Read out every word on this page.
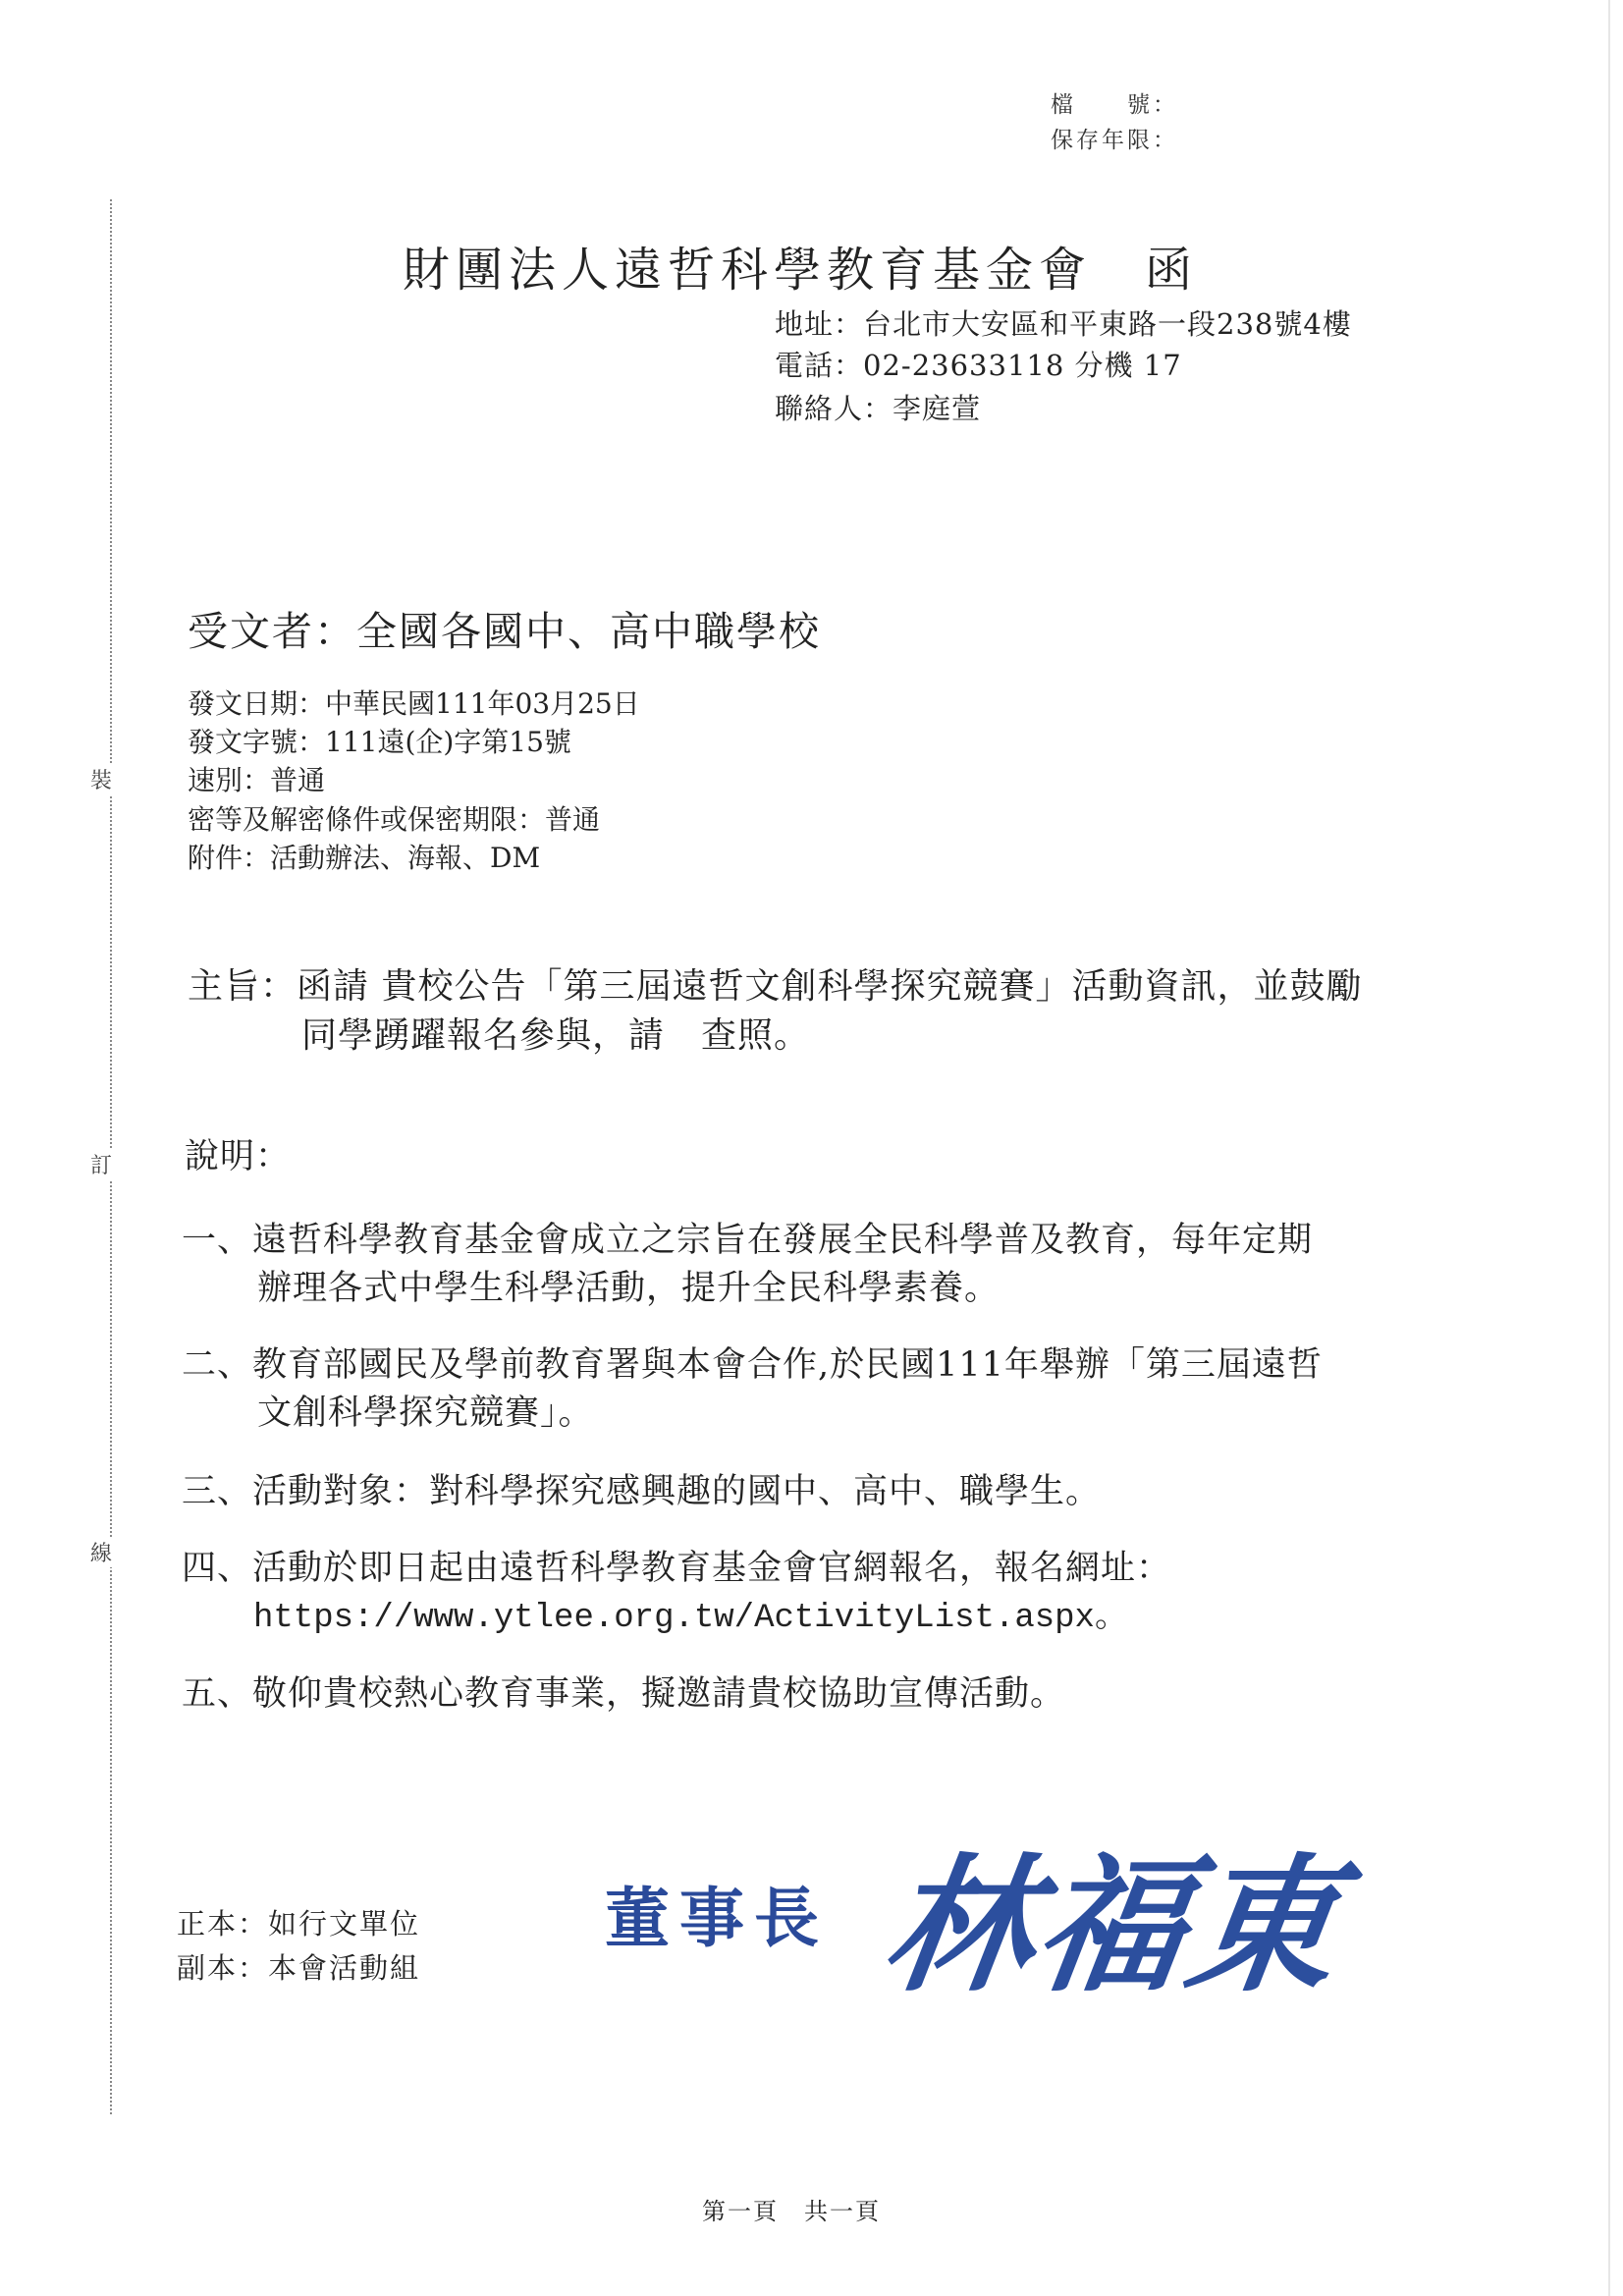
裝
訂
線
檔　　號：
保存年限：
財團法人遠哲科學教育基金會　函
地址：台北市大安區和平東路一段238號4樓
電話：02-23633118 分機 17
聯絡人：李庭萱
受文者：全國各國中、高中職學校
發文日期：中華民國111年03月25日
發文字號：111遠(企)字第15號
速別：普通
密等及解密條件或保密期限：普通
附件：活動辦法、海報、DM
主旨：函請 貴校公告「第三屆遠哲文創科學探究競賽」活動資訊，並鼓勵
同學踴躍報名參與，請　查照。
說明：
一、遠哲科學教育基金會成立之宗旨在發展全民科學普及教育，每年定期
辦理各式中學生科學活動，提升全民科學素養。
二、教育部國民及學前教育署與本會合作,於民國111年舉辦「第三屆遠哲
文創科學探究競賽」。
三、活動對象：對科學探究感興趣的國中、高中、職學生。
四、活動於即日起由遠哲科學教育基金會官網報名，報名網址：
https://www.ytlee.org.tw/ActivityList.aspx。
五、敬仰貴校熱心教育事業，擬邀請貴校協助宣傳活動。
正本：如行文單位
副本：本會活動組
董事長 林福東
第一頁　共一頁
